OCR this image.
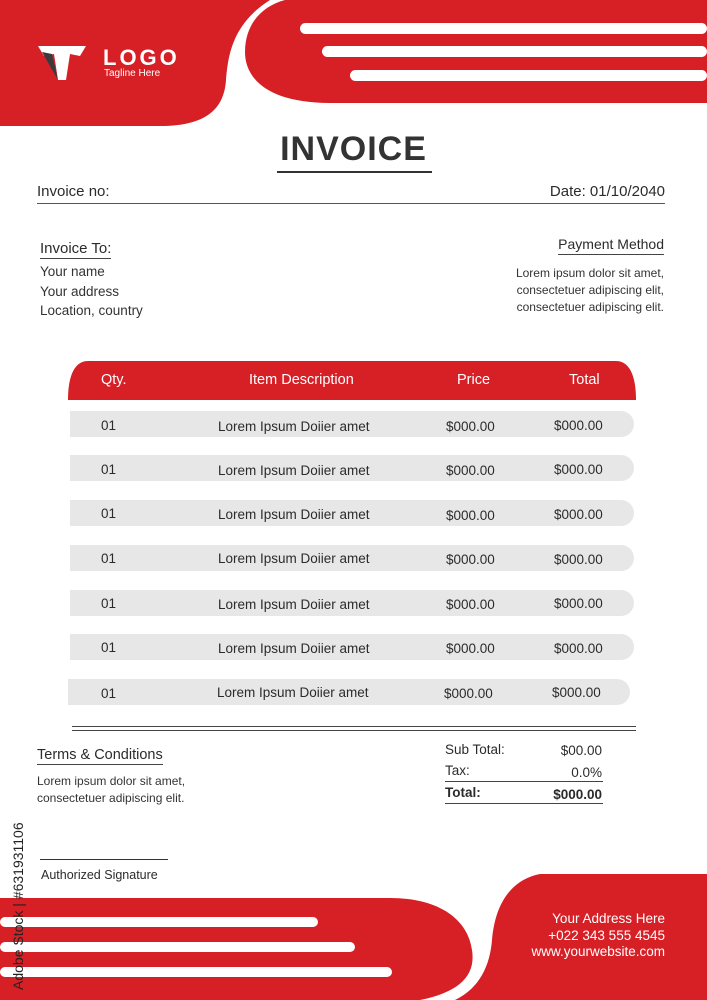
LOGO
Tagline Here
INVOICE
Invoice no:	Date: 01/10/2040
Invoice To:
Your name
Your address
Location, country
Payment Method
Lorem ipsum dolor sit amet,
consectetuer adipiscing elit,
consectetuer adipiscing elit.
Qty.	Item Description	Price	Total
01	Lorem Ipsum Doiier amet	$000.00	$000.00
01	Lorem Ipsum Doiier amet	$000.00	$000.00
01	Lorem Ipsum Doiier amet	$000.00	$000.00
01	Lorem Ipsum Doiier amet	$000.00	$000.00
01	Lorem Ipsum Doiier amet	$000.00	$000.00
01	Lorem Ipsum Doiier amet	$000.00	$000.00
01	Lorem Ipsum Doiier amet	$000.00	$000.00
Terms & Conditions
Lorem ipsum dolor sit amet,
consectetuer adipiscing elit.
Sub Total:	$00.00
Tax:	0.0%
Total:	$000.00
Authorized Signature
Your Address Here
+022 343 555 4545
www.yourwebsite.com
Adobe Stock | #631931106
